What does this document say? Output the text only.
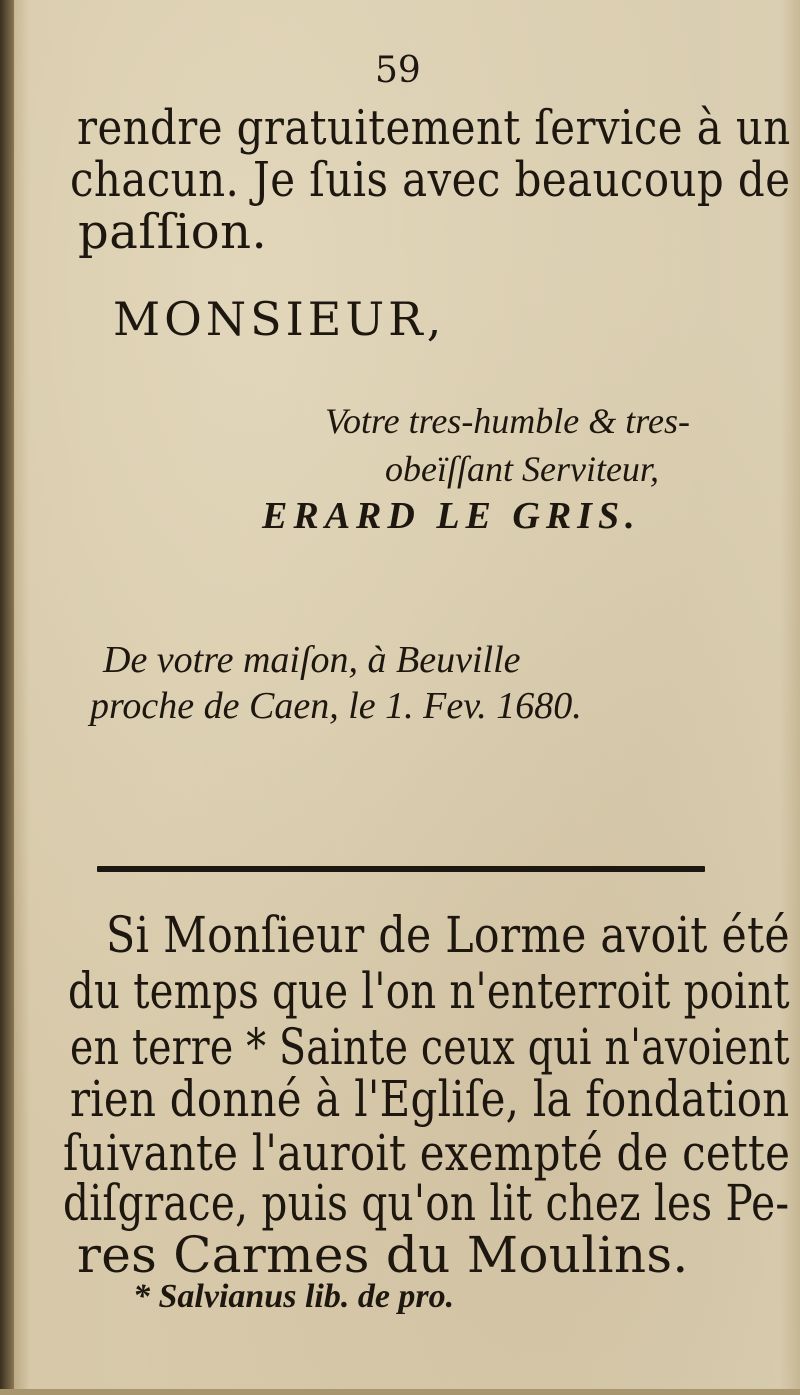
59
rendre gratuitement ſervice à un
chacun. Je ſuis avec beaucoup de
paſſion.
MONSIEUR,
Votre tres-humble & tres-
obeïſſant Serviteur,
ERARD LE GRIS.
De votre maiſon, à Beuville
proche de Caen, le 1. Fev. 1680.
Si Monſieur de Lorme avoit été
du temps que l'on n'enterroit point
en terre * Sainte ceux qui n'avoient
rien donné à l'Egliſe, la fondation
ſuivante l'auroit exempté de cette
diſgrace, puis qu'on lit chez les Pe-
res Carmes du Moulins.
* Salvianus lib. de pro.
